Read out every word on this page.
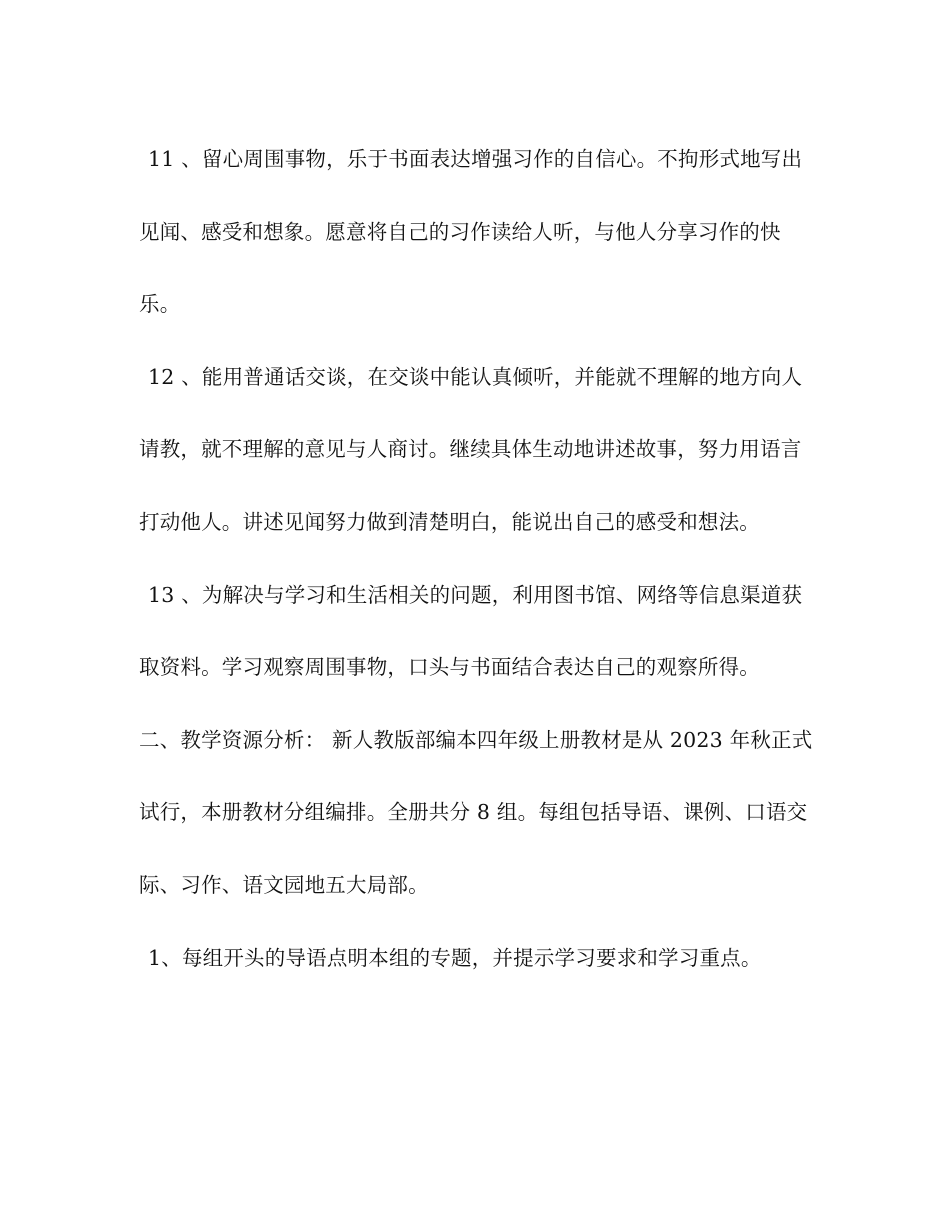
11 、留心周围事物，乐于书面表达增强习作的自信心。不拘形式地写出见闻、感受和想象。愿意将自己的习作读给人听，与他人分享习作的快乐。

12 、能用普通话交谈，在交谈中能认真倾听，并能就不理解的地方向人请教，就不理解的意见与人商讨。继续具体生动地讲述故事，努力用语言打动他人。讲述见闻努力做到清楚明白，能说出自己的感受和想法。

13 、为解决与学习和生活相关的问题，利用图书馆、网络等信息渠道获取资料。学习观察周围事物，口头与书面结合表达自己的观察所得。

二、教学资源分析： 新人教版部编本四年级上册教材是从 2023 年秋正式试行，本册教材分组编排。全册共分 8 组。每组包括导语、课例、口语交际、习作、语文园地五大局部。

1、每组开头的导语点明本组的专题，并提示学习要求和学习重点。
